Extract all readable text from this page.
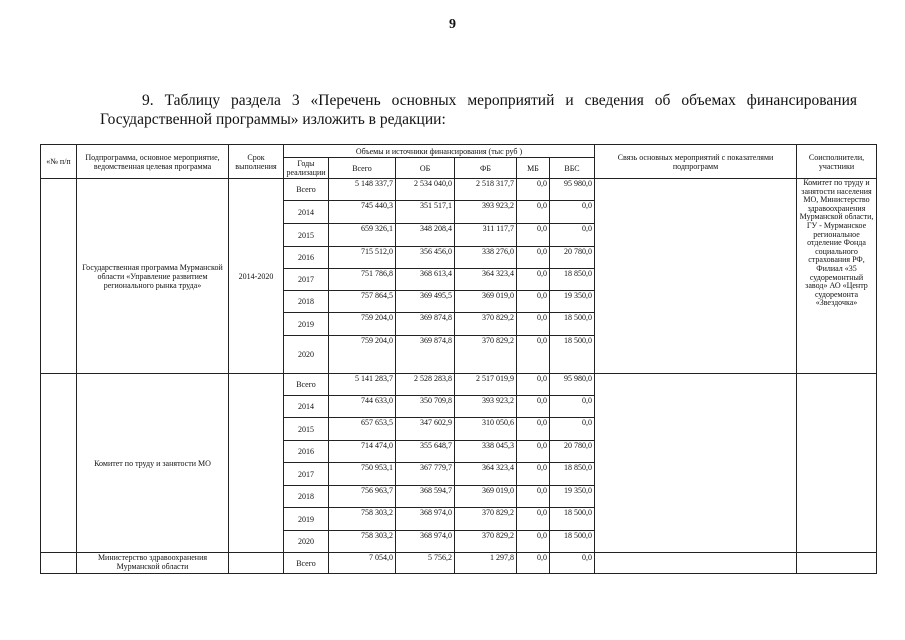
9
9. Таблицу раздела 3 «Перечень основных мероприятий и сведения об объемах финансирования
Государственной программы» изложить в редакции:
«№ п/п	Подпрограмма, основное мероприятие, ведомственная целевая программа	Срок выполнения	Объемы и источники финансирования (тыс руб )						Связь основных мероприятий с показателями подпрограмм	Соисполнители, участники
			Годы реализации	Всего	ОБ	ФБ	МБ	ВБС		
	Государственная программа Мурманской области «Управление развитием регионального рынка труда»	2014-2020	Всего	5 148 337,7	2 534 040,0	2 518 317,7	0,0	95 980,0		Комитет по труду и занятости населения МО, Министерство здравоохранения Мурманской области, ГУ - Мурманское региональное отделение Фонда социального страхования РФ, Филиал «35 судоремонтный завод» АО «Центр судоремонта «Звездочка»
			2014	745 440,3	351 517,1	393 923,2	0,0	0,0		
			2015	659 326,1	348 208,4	311 117,7	0,0	0,0		
			2016	715 512,0	356 456,0	338 276,0	0,0	20 780,0		
			2017	751 786,8	368 613,4	364 323,4	0,0	18 850,0		
			2018	757 864,5	369 495,5	369 019,0	0,0	19 350,0		
			2019	759 204,0	369 874,8	370 829,2	0,0	18 500,0		
			2020	759 204,0	369 874,8	370 829,2	0,0	18 500,0		
	Комитет по труду и занятости МО		Всего	5 141 283,7	2 528 283,8	2 517 019,9	0,0	95 980,0		
			2014	744 633,0	350 709,8	393 923,2	0,0	0,0		
			2015	657 653,5	347 602,9	310 050,6	0,0	0,0		
			2016	714 474,0	355 648,7	338 045,3	0,0	20 780,0		
			2017	750 953,1	367 779,7	364 323,4	0,0	18 850,0		
			2018	756 963,7	368 594,7	369 019,0	0,0	19 350,0		
			2019	758 303,2	368 974,0	370 829,2	0,0	18 500,0		
			2020	758 303,2	368 974,0	370 829,2	0,0	18 500,0		
	Министерство здравоохранения Мурманской области		Всего	7 054,0	5 756,2	1 297,8	0,0	0,0		
